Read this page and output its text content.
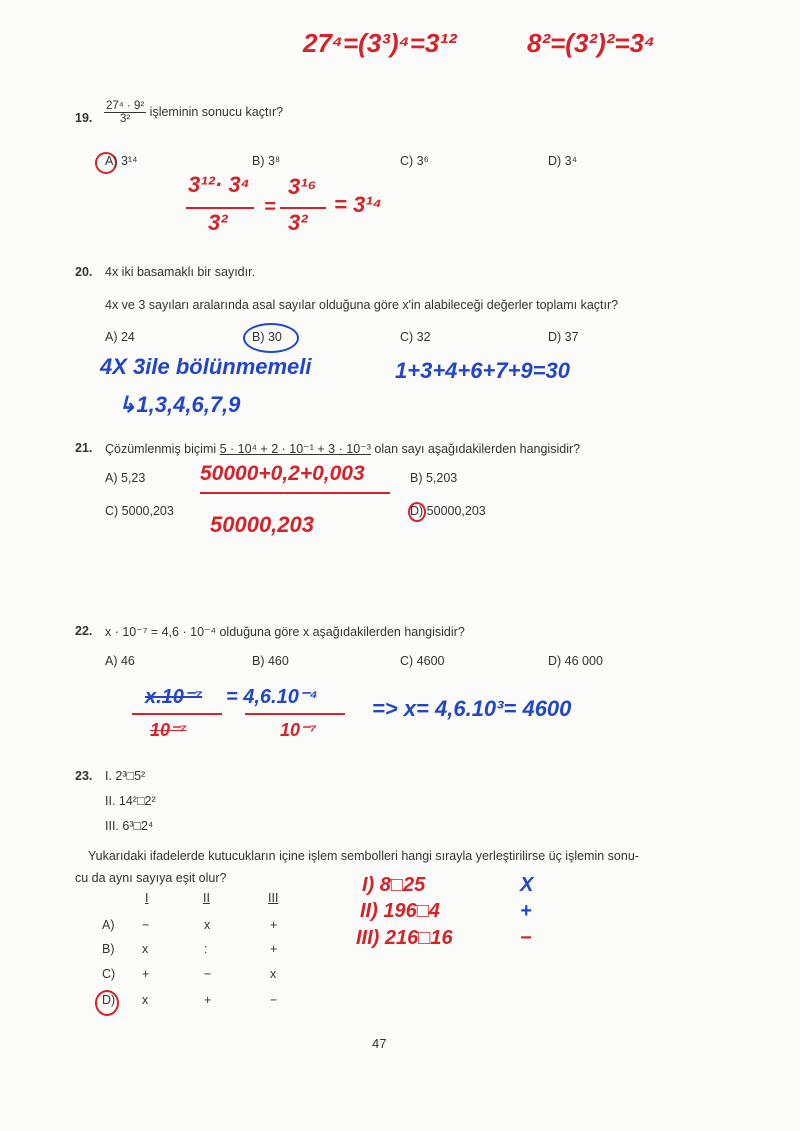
27⁴=(3³)⁴=3¹²	8²=(3²)²=3⁴
19. $\frac{\text{27⁴ · 9²}}{\text{3²}}$ işleminin sonucu kaçtır?
A) 3¹⁴	B) 3⁸	C) 3⁶	D) 3⁴
3¹²· 3⁴
3²
=
3¹⁶
3²
= 3¹⁴
20. 4x iki basamaklı bir sayıdır.
4x ve 3 sayıları aralarında asal sayılar olduğuna göre x'in alabileceği değerler toplamı kaçtır?
A) 24	B) 30	C) 32	D) 37
4X 3ile bölünmemeli
↳1,3,4,6,7,9
1+3+4+6+7+9=30
21. Çözümlenmiş biçimi 5 · 10⁴ + 2 · 10⁻¹ + 3 · 10⁻³ olan sayı aşağıdakilerden hangisidir?
A) 5,23	B) 5,203
C) 5000,203	D) 50000,203
50000+0,2+0,003
50000,203
22. x · 10⁻⁷ = 4,6 · 10⁻⁴ olduğuna göre x aşağıdakilerden hangisidir?
A) 46	B) 460	C) 4600	D) 46 000
x.10⁻⁷
10⁻⁷
= 4,6.10⁻⁴
10⁻⁷
=> x= 4,6.10³= 4600
23. I. 2³□5²
II. 14²□2²
III. 6³□2⁴
Yukarıdaki ifadelerde kutucukların içine işlem sembolleri hangi sırayla yerleştirilirse üç işlemin sonu-
cu da aynı sayıya eşit olur?
I	II	III
A) −	x	+
B) x	:	+
C) +	−	x
D) x	+	−
I) 8□25	X
II) 196□4	+
III) 216□16	−
47
